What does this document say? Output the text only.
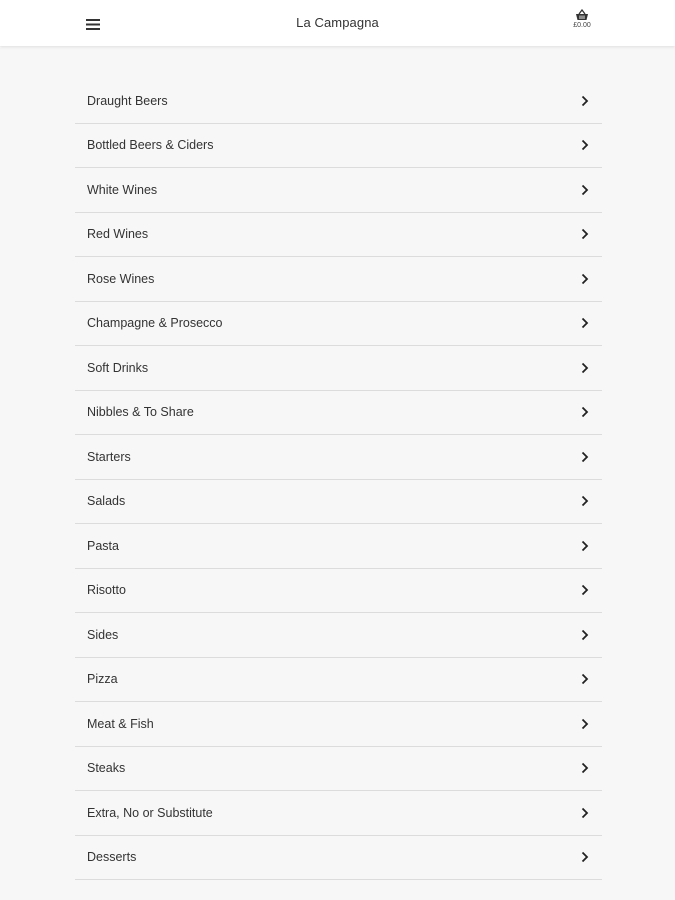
La Campagna	£0.00
Draught Beers
Bottled Beers & Ciders
White Wines
Red Wines
Rose Wines
Champagne & Prosecco
Soft Drinks
Nibbles & To Share
Starters
Salads
Pasta
Risotto
Sides
Pizza
Meat & Fish
Steaks
Extra, No or Substitute
Desserts
